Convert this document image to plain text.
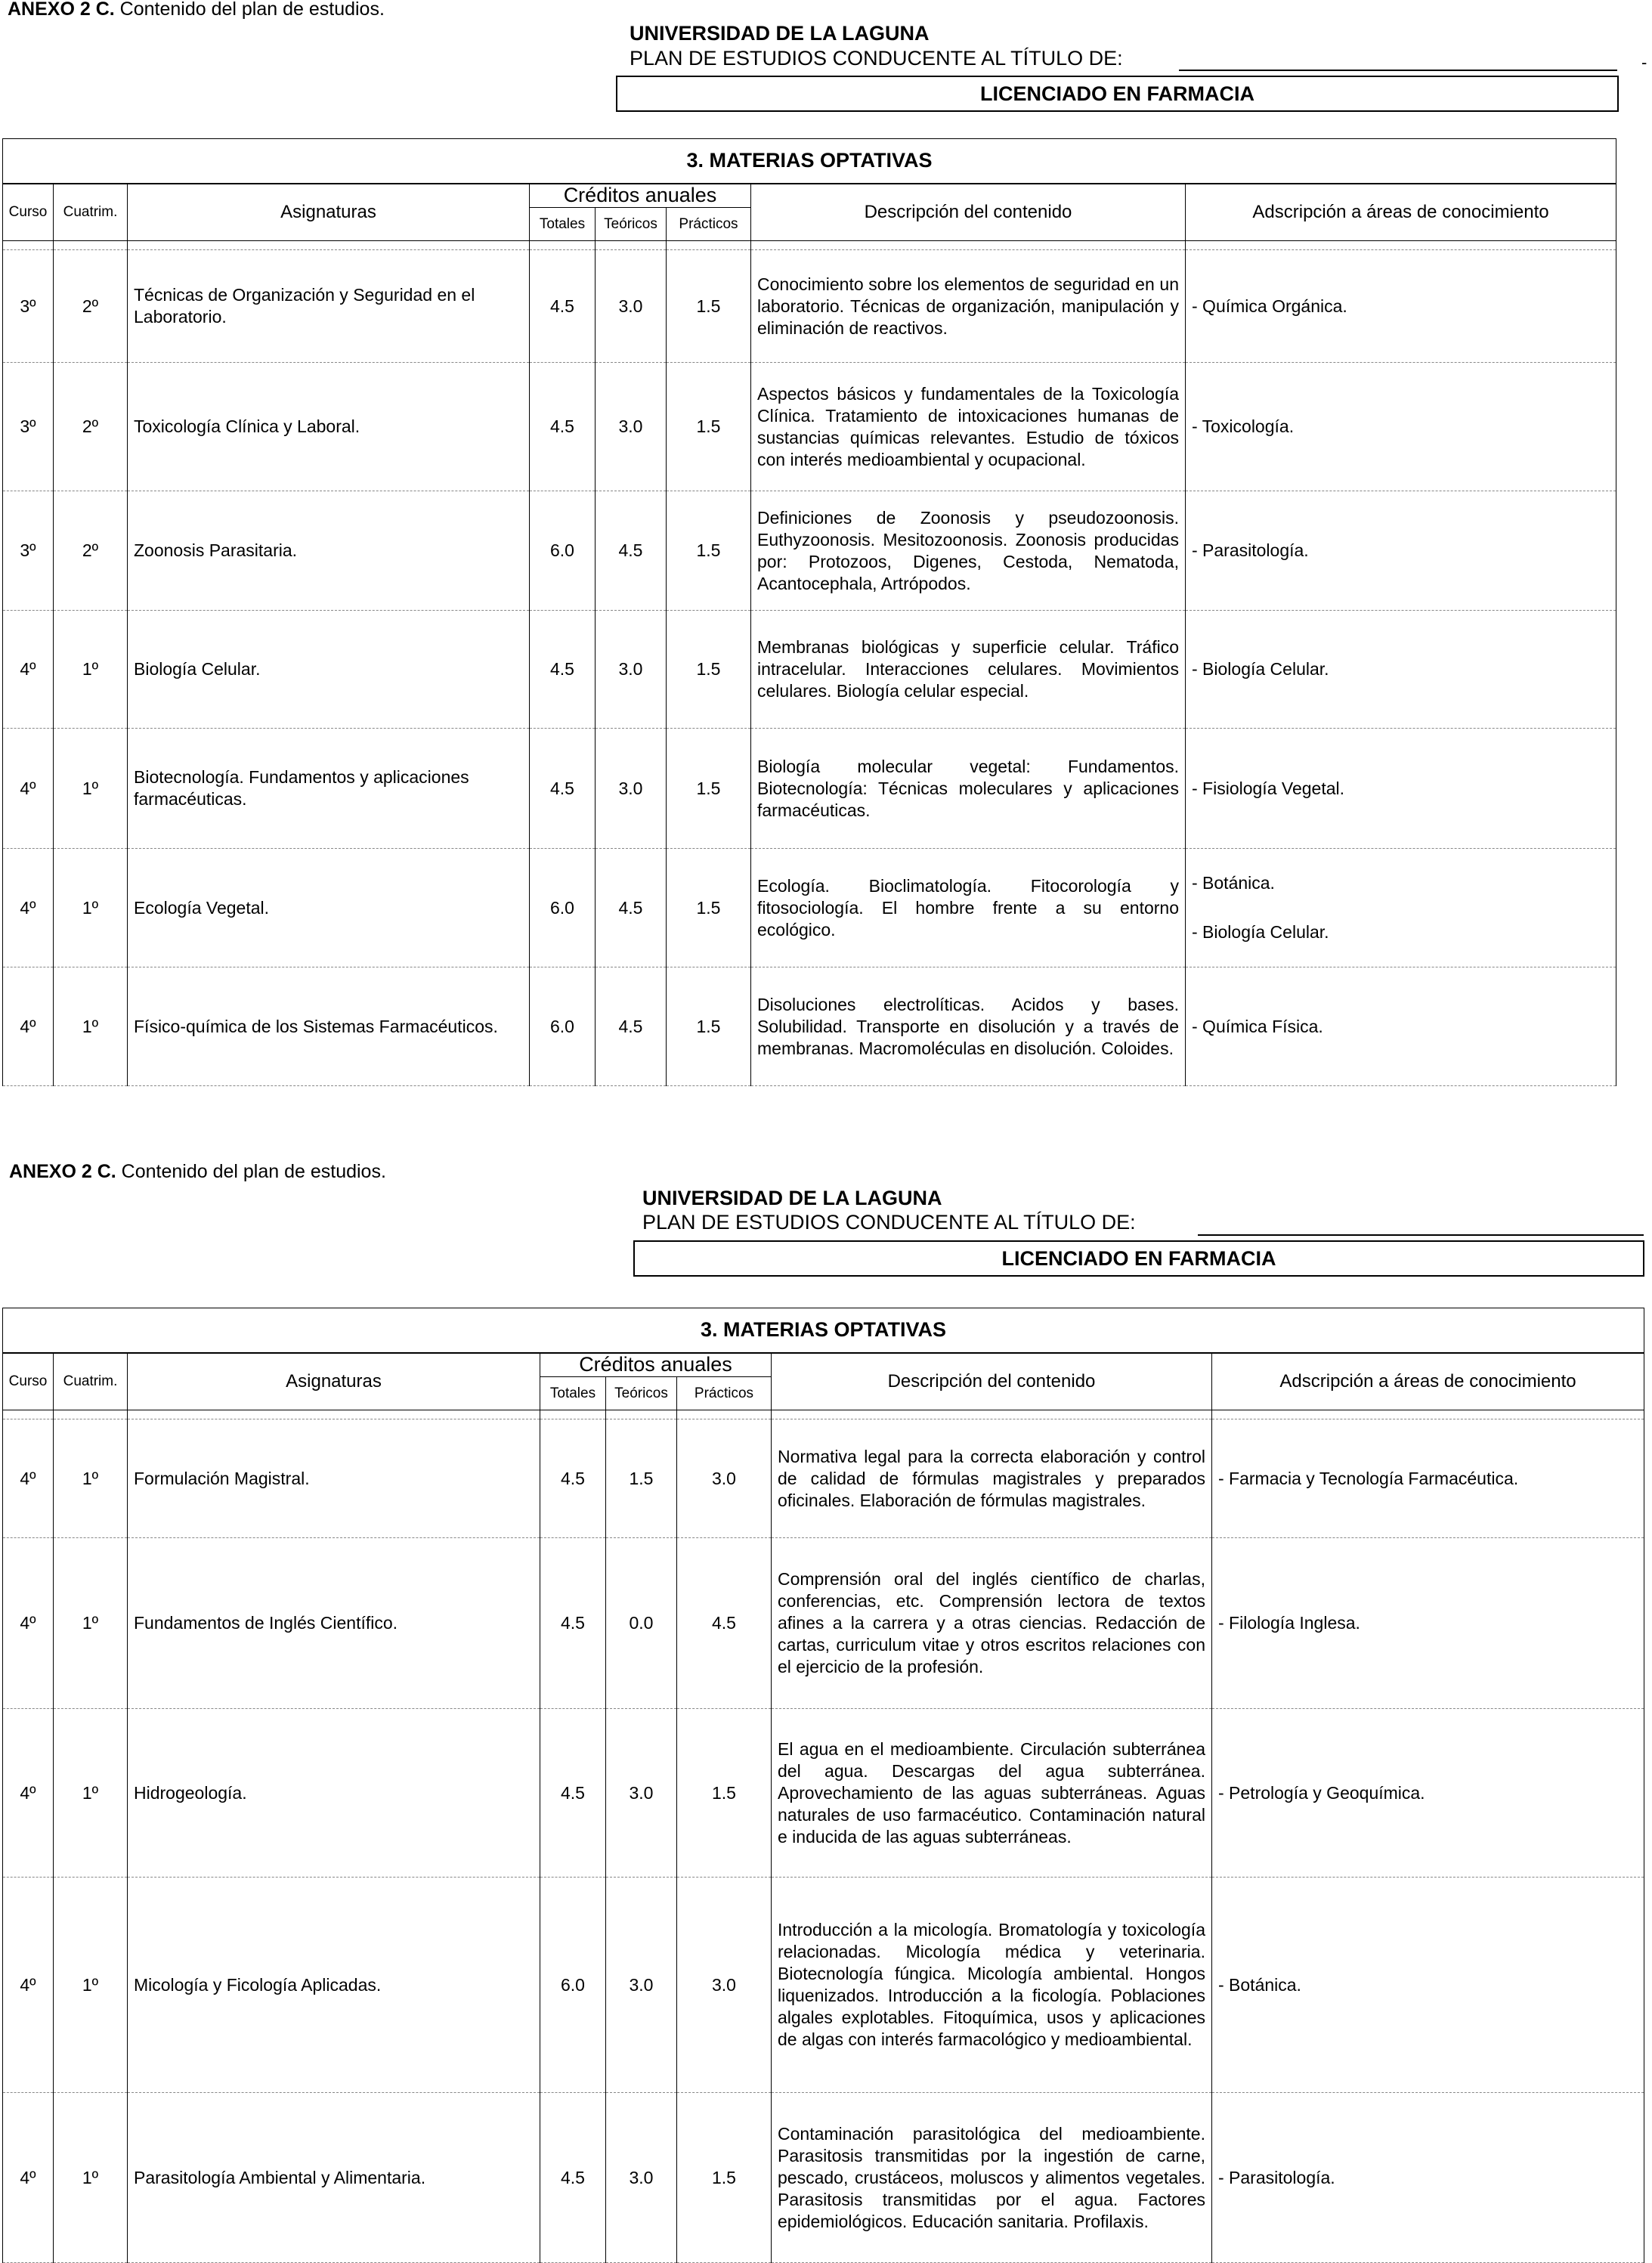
ANEXO 2 C. Contenido del plan de estudios.
UNIVERSIDAD DE LA LAGUNA
PLAN DE ESTUDIOS CONDUCENTE AL TÍTULO DE:	-
LICENCIADO EN FARMACIA
3. MATERIAS OPTATIVAS							
Curso	Cuatrim.	Asignaturas	Créditos anuales			Descripción del contenido	Adscripción a áreas de conocimiento
			Totales	Teóricos	Prácticos		

3º	2º	Técnicas de Organización y Seguridad en el Laboratorio.	4.5	3.0	1.5	Conocimiento sobre los elementos de seguridad en un laboratorio. Técnicas de organización, manipulación y eliminación de reactivos.	- Química Orgánica.

3º	2º	Toxicología Clínica y Laboral.	4.5	3.0	1.5	Aspectos básicos y fundamentales de la Toxicología Clínica. Tratamiento de intoxicaciones humanas de sustancias químicas relevantes. Estudio de tóxicos con interés medioambiental y ocupacional.	- Toxicología.

3º	2º	Zoonosis Parasitaria.	6.0	4.5	1.5	Definiciones de Zoonosis y pseudozoonosis. Euthyzoonosis. Mesitozoonosis. Zoonosis producidas por: Protozoos, Digenes, Cestoda, Nematoda, Acantocephala, Artrópodos.	- Parasitología.

4º	1º	Biología Celular.	4.5	3.0	1.5	Membranas biológicas y superficie celular. Tráfico intracelular. Interacciones celulares. Movimientos celulares. Biología celular especial.	- Biología Celular.

4º	1º	Biotecnología. Fundamentos y aplicaciones farmacéuticas.	4.5	3.0	1.5	Biología molecular vegetal: Fundamentos. Biotecnología: Técnicas moleculares y aplicaciones farmacéuticas.	- Fisiología Vegetal.

4º	1º	Ecología Vegetal.	6.0	4.5	1.5	Ecología. Bioclimatología. Fitocorología y fitosociología. El hombre frente a su entorno ecológico.	- Botánica.
- Biología Celular.

4º	1º	Físico-química de los Sistemas Farmacéuticos.	6.0	4.5	1.5	Disoluciones electrolíticas. Acidos y bases. Solubilidad. Transporte en disolución y a través de membranas. Macromoléculas en disolución. Coloides.	- Química Física.
ANEXO 2 C. Contenido del plan de estudios.
UNIVERSIDAD DE LA LAGUNA
PLAN DE ESTUDIOS CONDUCENTE AL TÍTULO DE:
LICENCIADO EN FARMACIA
3. MATERIAS OPTATIVAS							
Curso	Cuatrim.	Asignaturas	Créditos anuales			Descripción del contenido	Adscripción a áreas de conocimiento
			Totales	Teóricos	Prácticos		

4º	1º	Formulación Magistral.	4.5	1.5	3.0	Normativa legal para la correcta elaboración y control de calidad de fórmulas magistrales y preparados oficinales. Elaboración de fórmulas magistrales.	- Farmacia y Tecnología Farmacéutica.

4º	1º	Fundamentos de Inglés Científico.	4.5	0.0	4.5	Comprensión oral del inglés científico de charlas, conferencias, etc. Comprensión lectora de textos afines a la carrera y a otras ciencias. Redacción de cartas, curriculum vitae y otros escritos relaciones con el ejercicio de la profesión.	- Filología Inglesa.

4º	1º	Hidrogeología.	4.5	3.0	1.5	El agua en el medioambiente. Circulación subterránea del agua. Descargas del agua subterránea. Aprovechamiento de las aguas subterráneas. Aguas naturales de uso farmacéutico. Contaminación natural e inducida de las aguas subterráneas.	- Petrología y Geoquímica.

4º	1º	Micología y Ficología Aplicadas.	6.0	3.0	3.0	Introducción a la micología. Bromatología y toxicología relacionadas. Micología médica y veterinaria. Biotecnología fúngica. Micología ambiental. Hongos liquenizados. Introducción a la ficología. Poblaciones algales explotables. Fitoquímica, usos y aplicaciones de algas con interés farmacológico y medioambiental.	- Botánica.

4º	1º	Parasitología Ambiental y Alimentaria.	4.5	3.0	1.5	Contaminación parasitológica del medioambiente. Parasitosis transmitidas por la ingestión de carne, pescado, crustáceos, moluscos y alimentos vegetales. Parasitosis transmitidas por el agua. Factores epidemiológicos. Educación sanitaria. Profilaxis.	- Parasitología.
